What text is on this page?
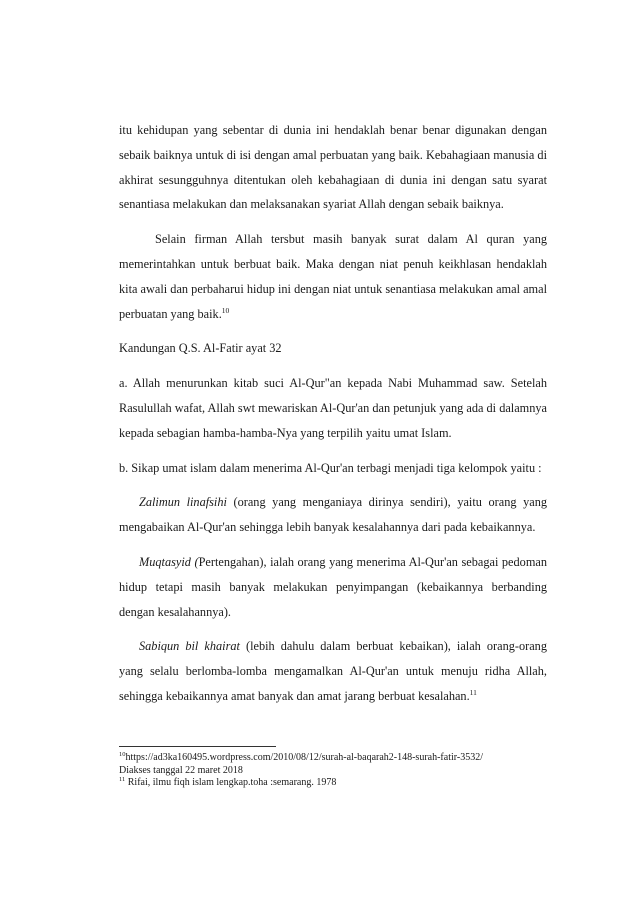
itu kehidupan yang sebentar di dunia ini hendaklah benar benar digunakan dengan sebaik baiknya untuk di isi dengan amal perbuatan yang baik. Kebahagiaan manusia di akhirat sesungguhnya ditentukan oleh kebahagiaan di dunia ini dengan satu syarat senantiasa melakukan dan melaksanakan syariat Allah dengan sebaik baiknya.

Selain firman Allah tersbut masih banyak surat dalam Al quran yang memerintahkan untuk berbuat baik. Maka dengan niat penuh keikhlasan hendaklah kita awali dan perbaharui hidup ini dengan niat untuk senantiasa melakukan amal amal perbuatan yang baik.$^{10}$

Kandungan Q.S. Al-Fatir ayat 32

a. Allah menurunkan kitab suci Al-Qur"an kepada Nabi Muhammad saw. Setelah Rasulullah wafat, Allah swt mewariskan Al-Qur'an dan petunjuk yang ada di dalamnya kepada sebagian hamba-hamba-Nya yang terpilih yaitu umat Islam.

b. Sikap umat islam dalam menerima Al-Qur'an terbagi menjadi tiga kelompok yaitu :

Zalimun linafsihi (orang yang menganiaya dirinya sendiri), yaitu orang yang mengabaikan Al-Qur'an sehingga lebih banyak kesalahannya dari pada kebaikannya.

Muqtasyid (Pertengahan), ialah orang yang menerima Al-Qur'an sebagai pedoman hidup tetapi masih banyak melakukan penyimpangan (kebaikannya berbanding dengan kesalahannya).

Sabiqun bil khairat (lebih dahulu dalam berbuat kebaikan), ialah orang-orang yang selalu berlomba-lomba mengamalkan Al-Qur'an untuk menuju ridha Allah, sehingga kebaikannya amat banyak dan amat jarang berbuat kesalahan.$^{11}$

$^{10}$https://ad3ka160495.wordpress.com/2010/08/12/surah-al-baqarah2-148-surah-fatir-3532/
Diakses tanggal 22 maret 2018
$^{11}$ Rifai, ilmu fiqh islam lengkap.toha :semarang. 1978
